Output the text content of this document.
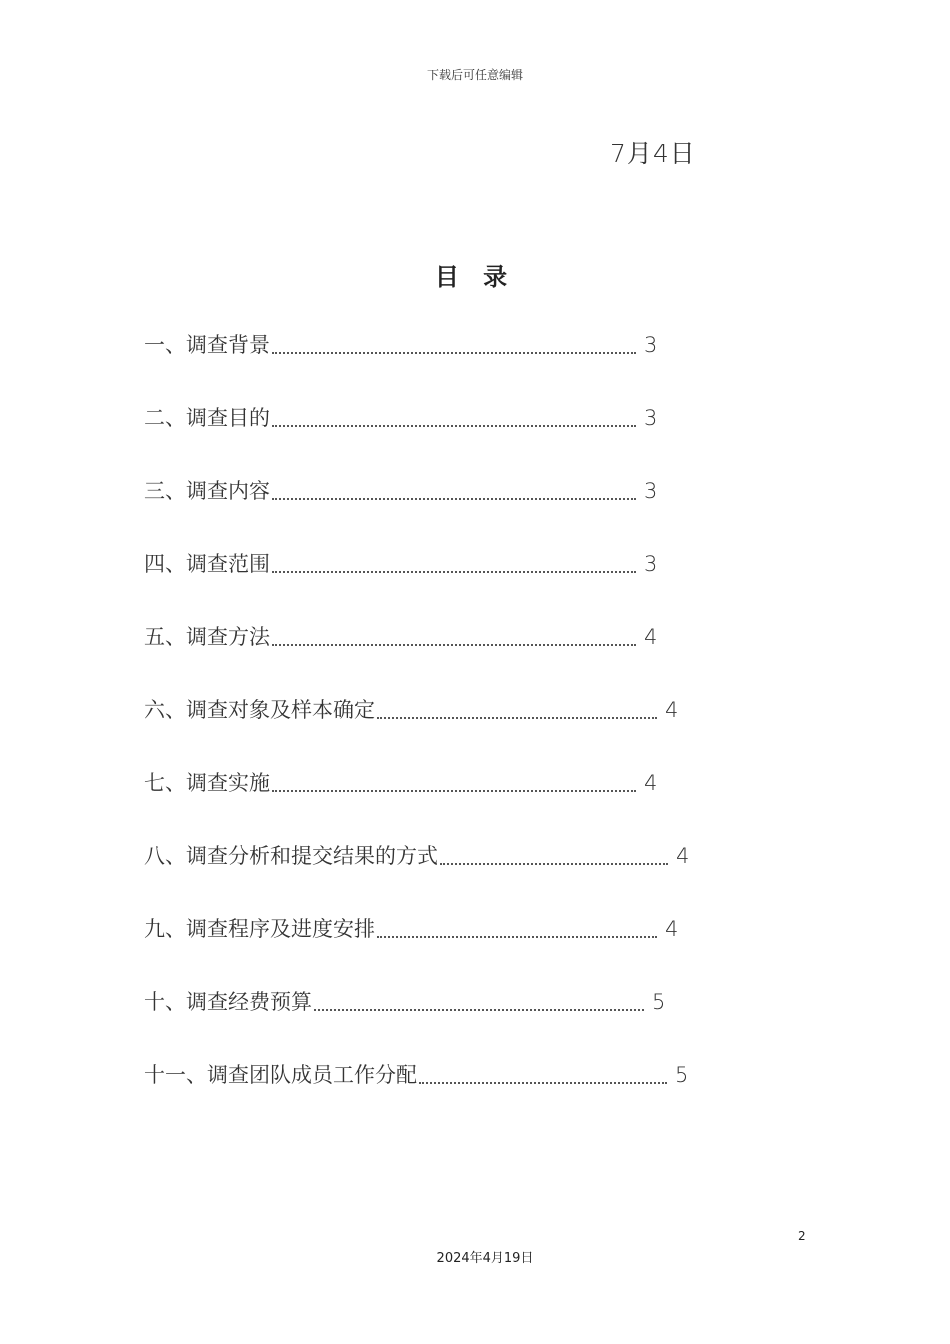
下载后可任意编辑
7月4日
目 录
一、调查背景	3
二、调查目的	3
三、调查内容	3
四、调查范围	3
五、调查方法	4
六、调查对象及样本确定	4
七、调查实施	4
八、调查分析和提交结果的方式	4
九、调查程序及进度安排	4
十、调查经费预算	5
十一、调查团队成员工作分配	5
2
2024年4月19日
